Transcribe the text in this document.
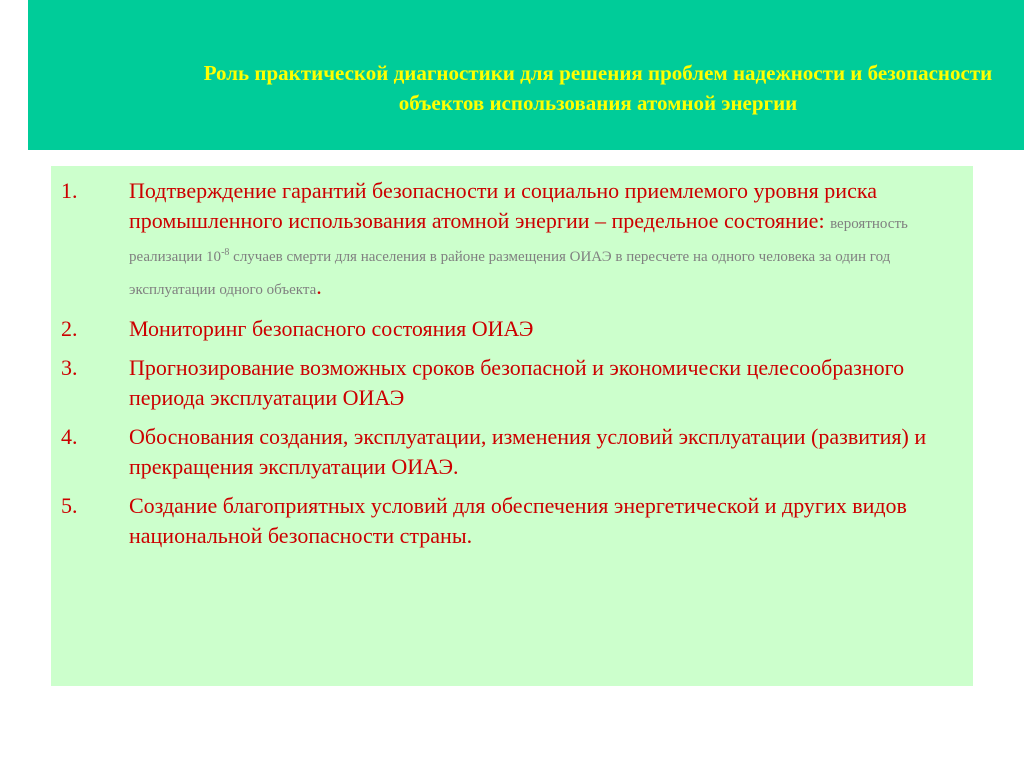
Роль практической диагностики для решения проблем надежности и безопасности объектов использования атомной энергии
1. Подтверждение гарантий безопасности и социально приемлемого уровня риска промышленного использования атомной энергии – предельное состояние: вероятность реализации $10^{-8}$ случаев смерти для населения в районе размещения ОИАЭ в пересчете на одного человека за один год эксплуатации одного объекта.
2. Мониторинг безопасного состояния ОИАЭ
3. Прогнозирование возможных сроков безопасной и экономически целесообразного периода эксплуатации ОИАЭ
4. Обоснования создания, эксплуатации, изменения условий эксплуатации (развития) и прекращения эксплуатации ОИАЭ.
5. Создание благоприятных условий для обеспечения энергетической и других видов национальной безопасности страны.
